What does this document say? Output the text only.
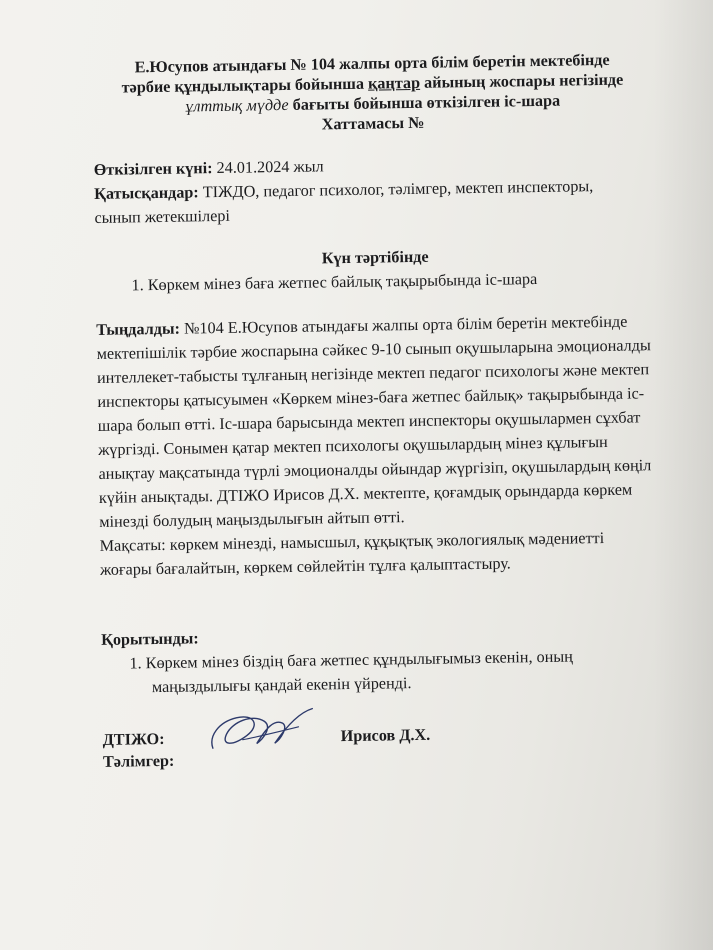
Е.Юсупов атындағы № 104 жалпы орта білім беретін мектебінде
тәрбие құндылықтары бойынша қаңтар айының жоспары негізінде
ұлттық мүдде бағыты бойынша өткізілген іс-шара
Хаттамасы №
Өткізілген күні: 24.01.2024 жыл
Қатысқандар: ТІЖДО, педагог психолог, тәлімгер, мектеп инспекторы,
сынып жетекшілері
Күн тәртібінде
1. Көркем мінез баға жетпес байлық тақырыбында іс-шара
Тыңдалды: №104 Е.Юсупов атындағы жалпы орта білім беретін мектебінде мектепішілік тәрбие жоспарына сәйкес 9-10 сынып оқушыларына эмоционалды интеллекет-табысты тұлғаның негізінде мектеп педагог психологы және мектеп инспекторы қатысуымен «Көркем мінез-баға жетпес байлық» тақырыбында іс-шара болып өтті. Іс-шара барысында мектеп инспекторы оқушылармен сұхбат жүргізді. Сонымен қатар мектеп психологы оқушылардың мінез құлығын анықтау мақсатында түрлі эмоционалды ойындар жүргізіп, оқушылардың көңіл күйін анықтады. ДТІЖО Ирисов Д.Х. мектепте, қоғамдық орындарда көркем мінезді болудың маңыздылығын айтып өтті.
Мақсаты: көркем мінезді, намысшыл, құқықтық экологиялық мәдениетті жоғары бағалайтын, көркем сөйлейтін тұлға қалыптастыру.
Қорытынды:
1. Көркем мінез біздің баға жетпес құндылығымыз екенін, оның маңыздылығы қандай екенін үйренді.
ДТІЖО:
Тәлімгер:
Ирисов Д.Х.
